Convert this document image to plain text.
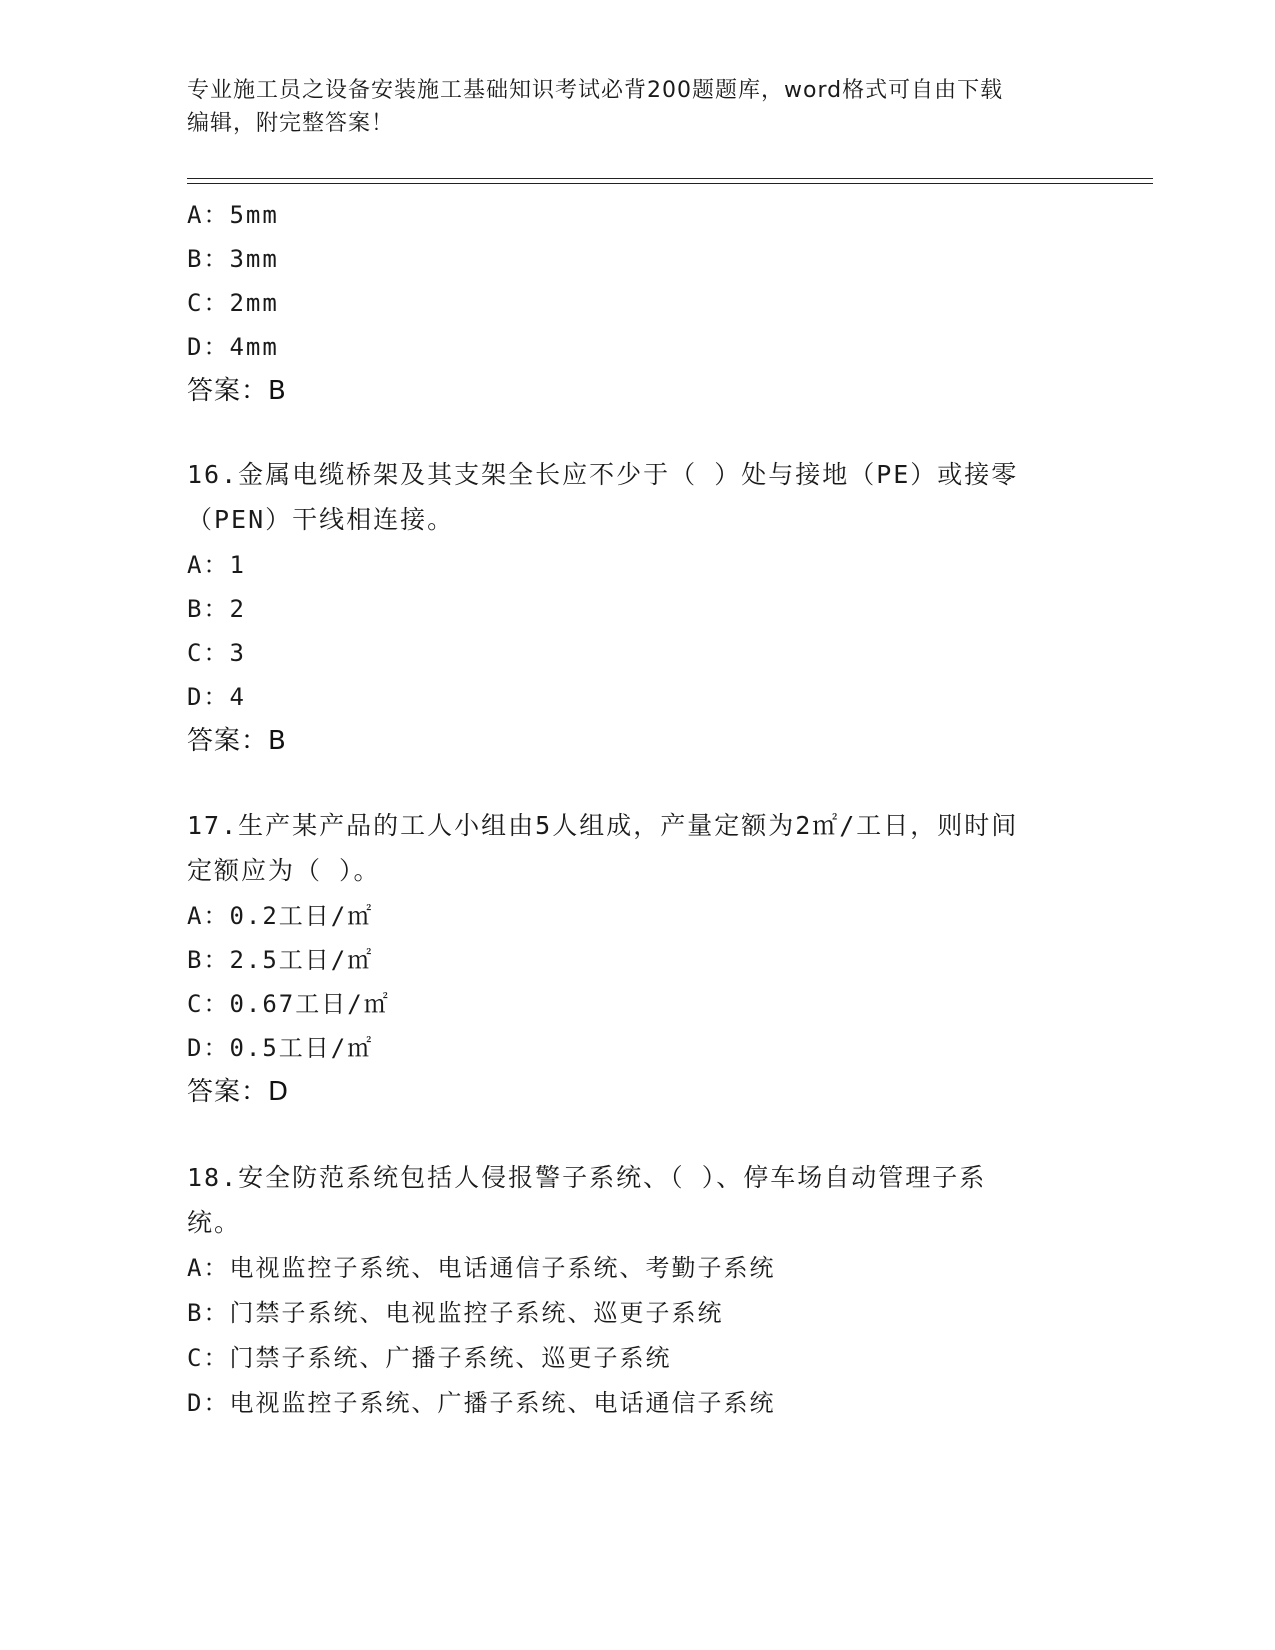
专业施工员之设备安装施工基础知识考试必背200题题库，word格式可自由下载
编辑，附完整答案！
A：5mm
B：3mm
C：2mm
D：4mm
答案：B
16.金属电缆桥架及其支架全长应不少于（ ）处与接地（PE）或接零
（PEN）干线相连接。
A：1
B：2
C：3
D：4
答案：B
17.生产某产品的工人小组由5人组成，产量定额为2㎡/工日，则时间
定额应为（ ）。
A：0.2工日/㎡
B：2.5工日/㎡
C：0.67工日/㎡
D：0.5工日/㎡
答案：D
18.安全防范系统包括人侵报警子系统、（ ）、停车场自动管理子系
统。
A：电视监控子系统、电话通信子系统、考勤子系统
B：门禁子系统、电视监控子系统、巡更子系统
C：门禁子系统、广播子系统、巡更子系统
D：电视监控子系统、广播子系统、电话通信子系统
